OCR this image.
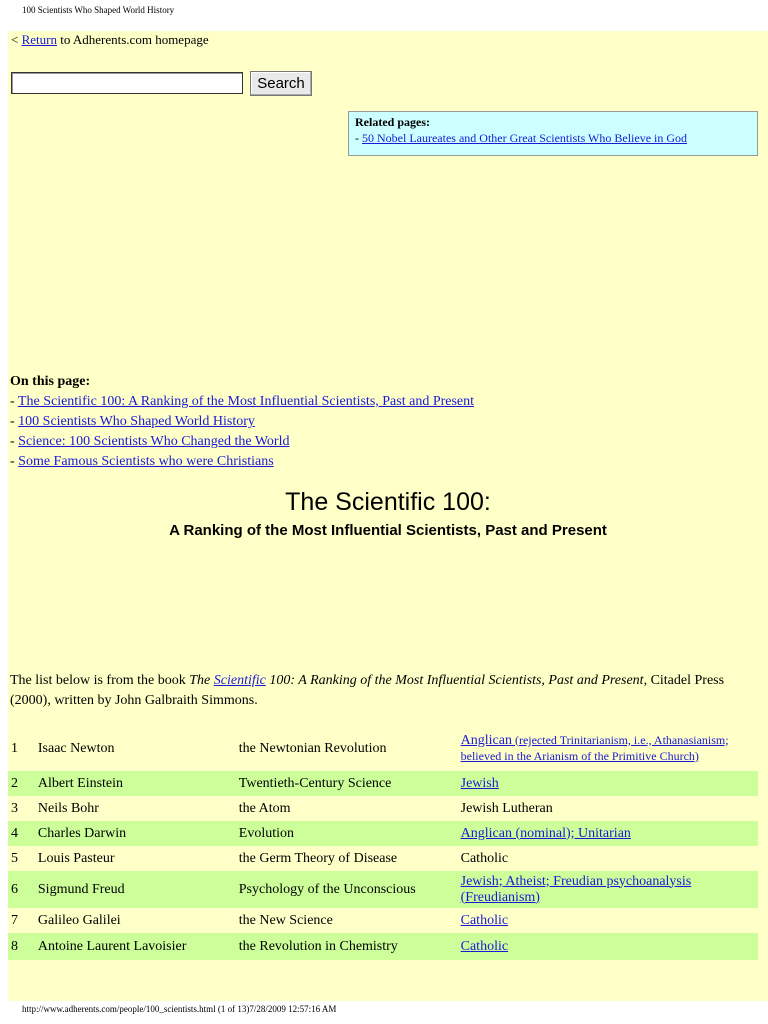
100 Scientists Who Shaped World History
< Return to Adherents.com homepage
Search
Related pages:
- 50 Nobel Laureates and Other Great Scientists Who Believe in God
On this page:
- The Scientific 100: A Ranking of the Most Influential Scientists, Past and Present
- 100 Scientists Who Shaped World History
- Science: 100 Scientists Who Changed the World
- Some Famous Scientists who were Christians
The Scientific 100:
A Ranking of the Most Influential Scientists, Past and Present
The list below is from the book The Scientific 100: A Ranking of the Most Influential Scientists, Past and Present, Citadel Press (2000), written by John Galbraith Simmons.
1	Isaac Newton	the Newtonian Revolution	Anglican (rejected Trinitarianism, i.e., Athanasianism; believed in the Arianism of the Primitive Church)
2	Albert Einstein	Twentieth-Century Science	Jewish
3	Neils Bohr	the Atom	Jewish Lutheran
4	Charles Darwin	Evolution	Anglican (nominal); Unitarian
5	Louis Pasteur	the Germ Theory of Disease	Catholic
6	Sigmund Freud	Psychology of the Unconscious	Jewish; Atheist; Freudian psychoanalysis (Freudianism)
7	Galileo Galilei	the New Science	Catholic
8	Antoine Laurent Lavoisier	the Revolution in Chemistry	Catholic
http://www.adherents.com/people/100_scientists.html (1 of 13)7/28/2009 12:57:16 AM
